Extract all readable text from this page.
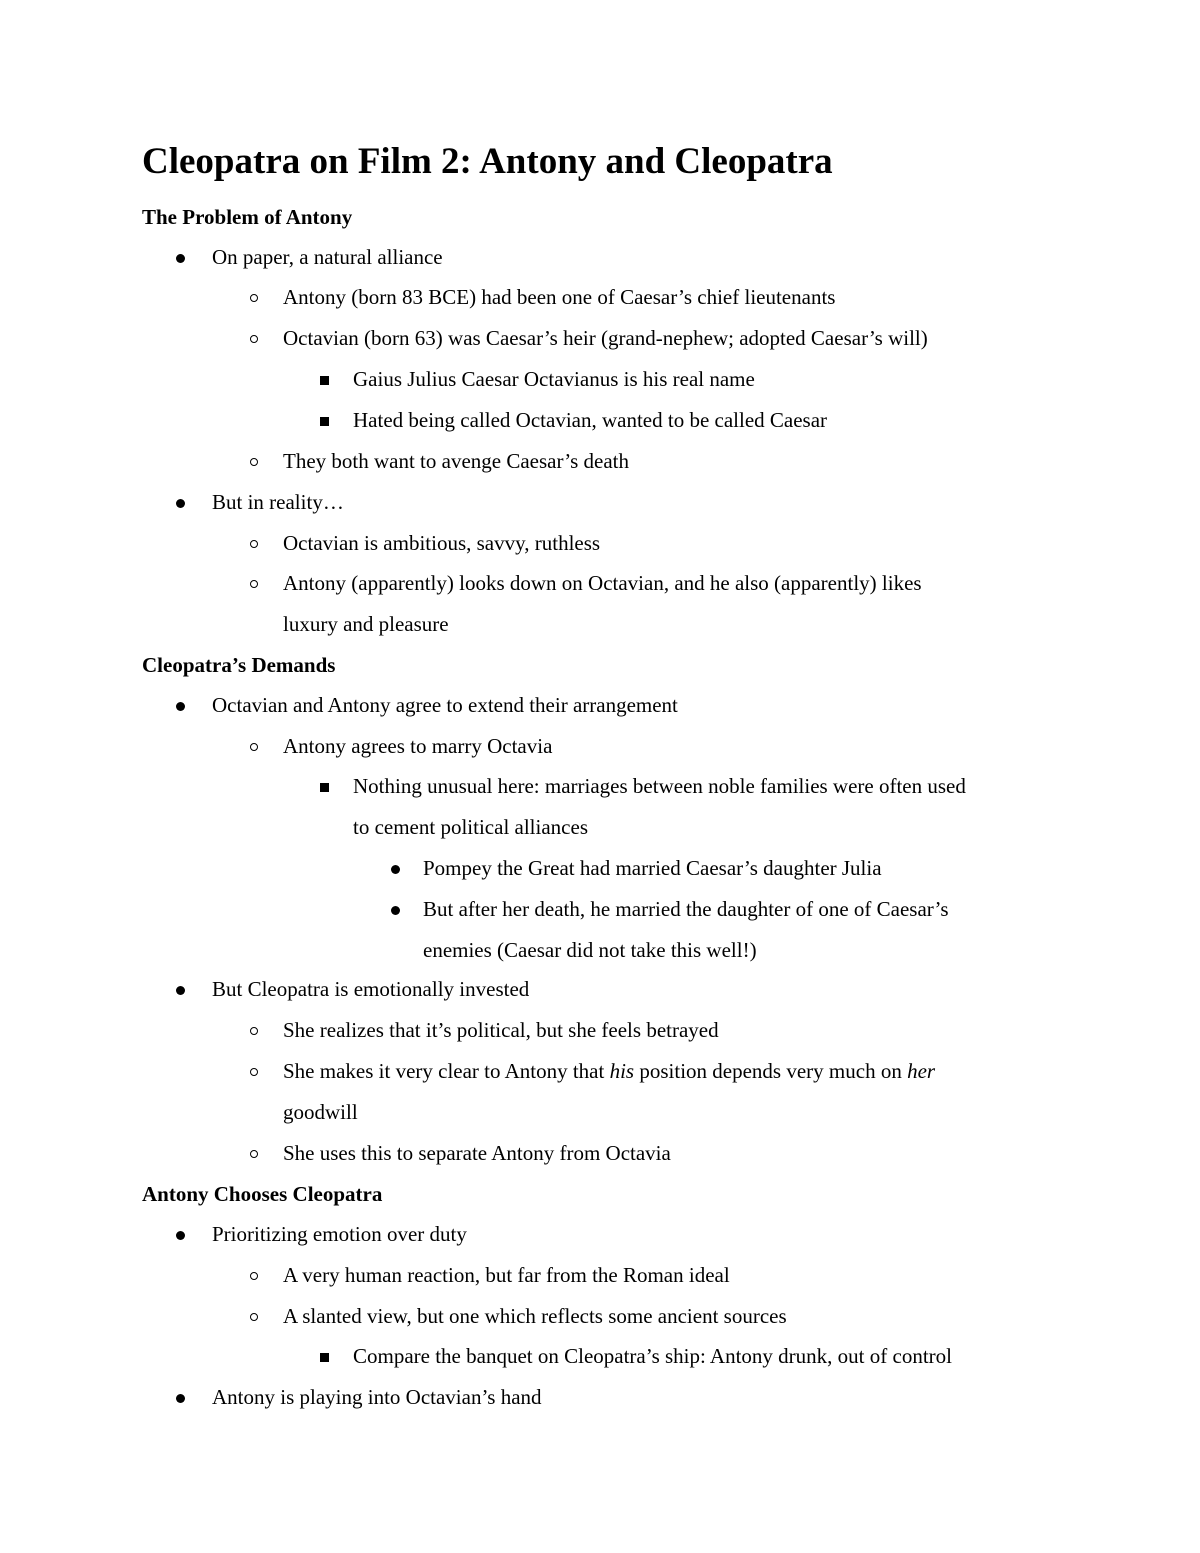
Cleopatra on Film 2: Antony and Cleopatra
The Problem of Antony
On paper, a natural alliance
Antony (born 83 BCE) had been one of Caesar’s chief lieutenants
Octavian (born 63) was Caesar’s heir (grand-nephew; adopted Caesar’s will)
Gaius Julius Caesar Octavianus is his real name
Hated being called Octavian, wanted to be called Caesar
They both want to avenge Caesar’s death
But in reality…
Octavian is ambitious, savvy, ruthless
Antony (apparently) looks down on Octavian, and he also (apparently) likes
luxury and pleasure
Cleopatra’s Demands
Octavian and Antony agree to extend their arrangement
Antony agrees to marry Octavia
Nothing unusual here: marriages between noble families were often used
to cement political alliances
Pompey the Great had married Caesar’s daughter Julia
But after her death, he married the daughter of one of Caesar’s
enemies (Caesar did not take this well!)
But Cleopatra is emotionally invested
She realizes that it’s political, but she feels betrayed
She makes it very clear to Antony that his position depends very much on her
goodwill
She uses this to separate Antony from Octavia
Antony Chooses Cleopatra
Prioritizing emotion over duty
A very human reaction, but far from the Roman ideal
A slanted view, but one which reflects some ancient sources
Compare the banquet on Cleopatra’s ship: Antony drunk, out of control
Antony is playing into Octavian’s hand
